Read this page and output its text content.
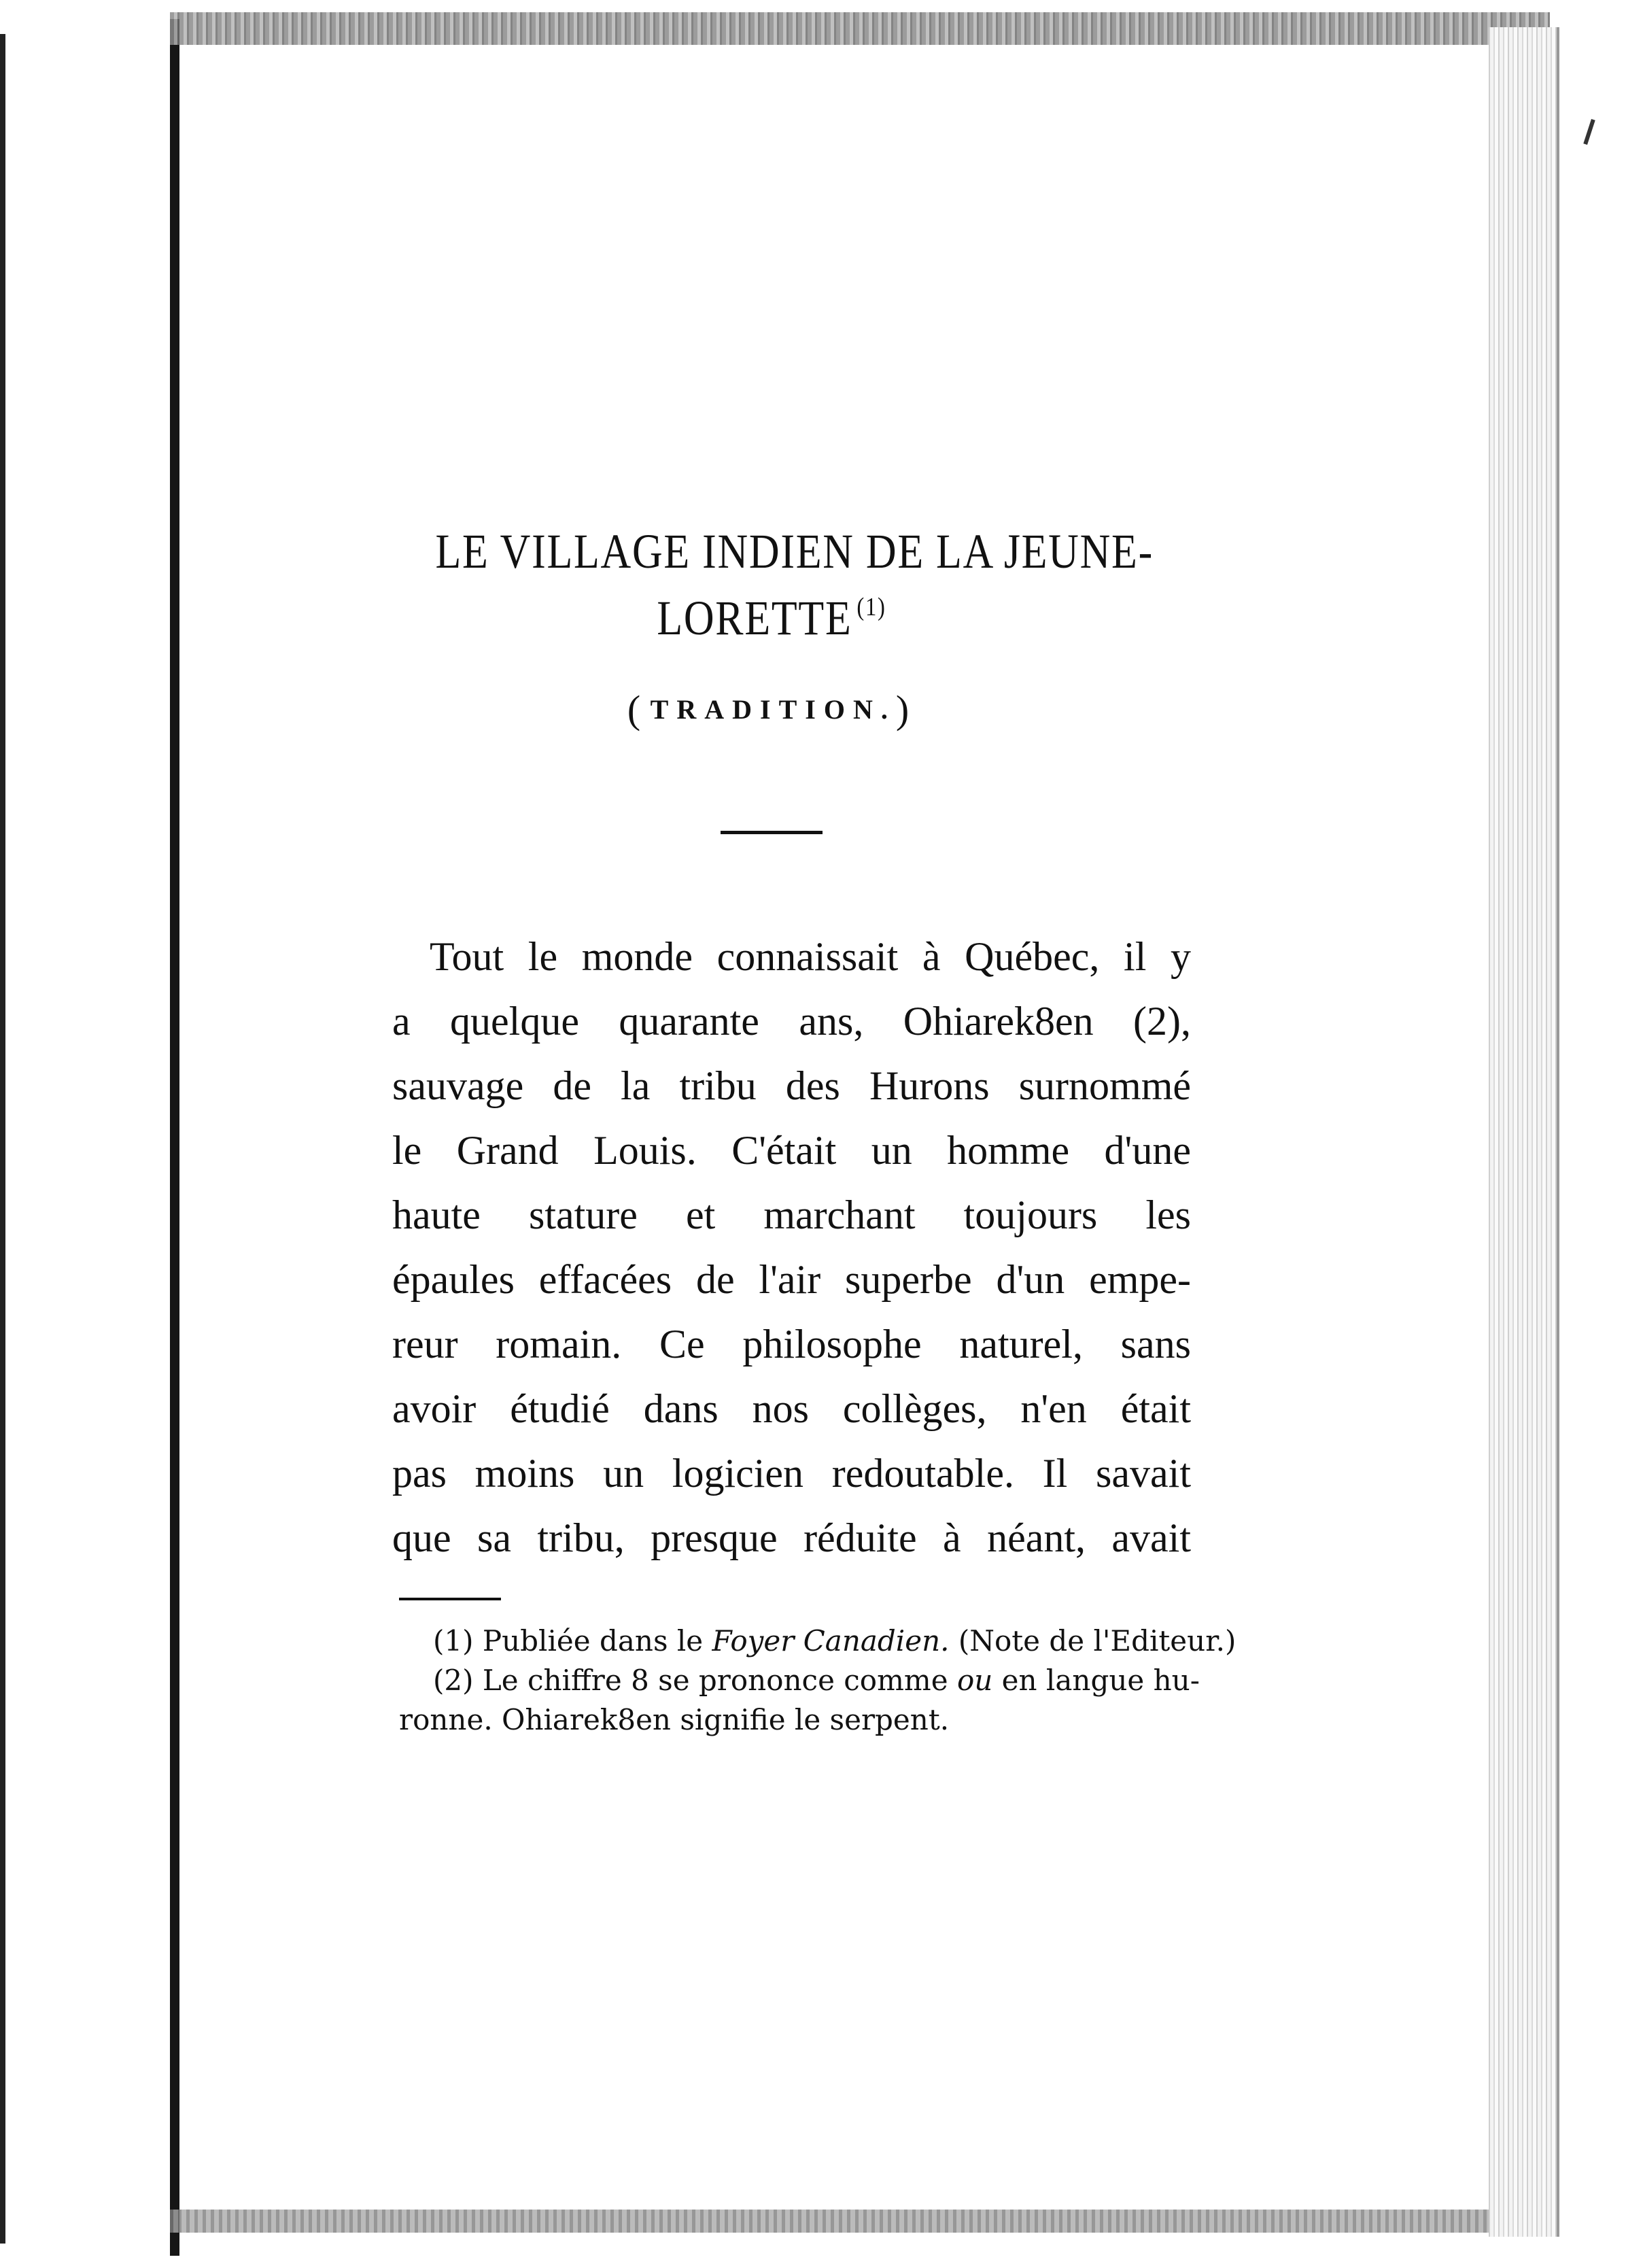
LE VILLAGE INDIEN DE LA JEUNE-
LORETTE $^{(1)}$
( TRADITION.)
Tout le monde connaissait à Québec, il y
a quelque quarante ans, Ohiarek8en (2),
sauvage de la tribu des Hurons surnommé
le Grand Louis. C'était un homme d'une
haute stature et marchant toujours les
épaules effacées de l'air superbe d'un empe-
reur romain. Ce philosophe naturel, sans
avoir étudié dans nos collèges, n'en était
pas moins un logicien redoutable. Il savait
que sa tribu, presque réduite à néant, avait
(1) Publiée dans le Foyer Canadien. (Note de l'Editeur.)
(2) Le chiffre 8 se prononce comme ou en langue hu-
ronne. Ohiarek8en signifie le serpent.
